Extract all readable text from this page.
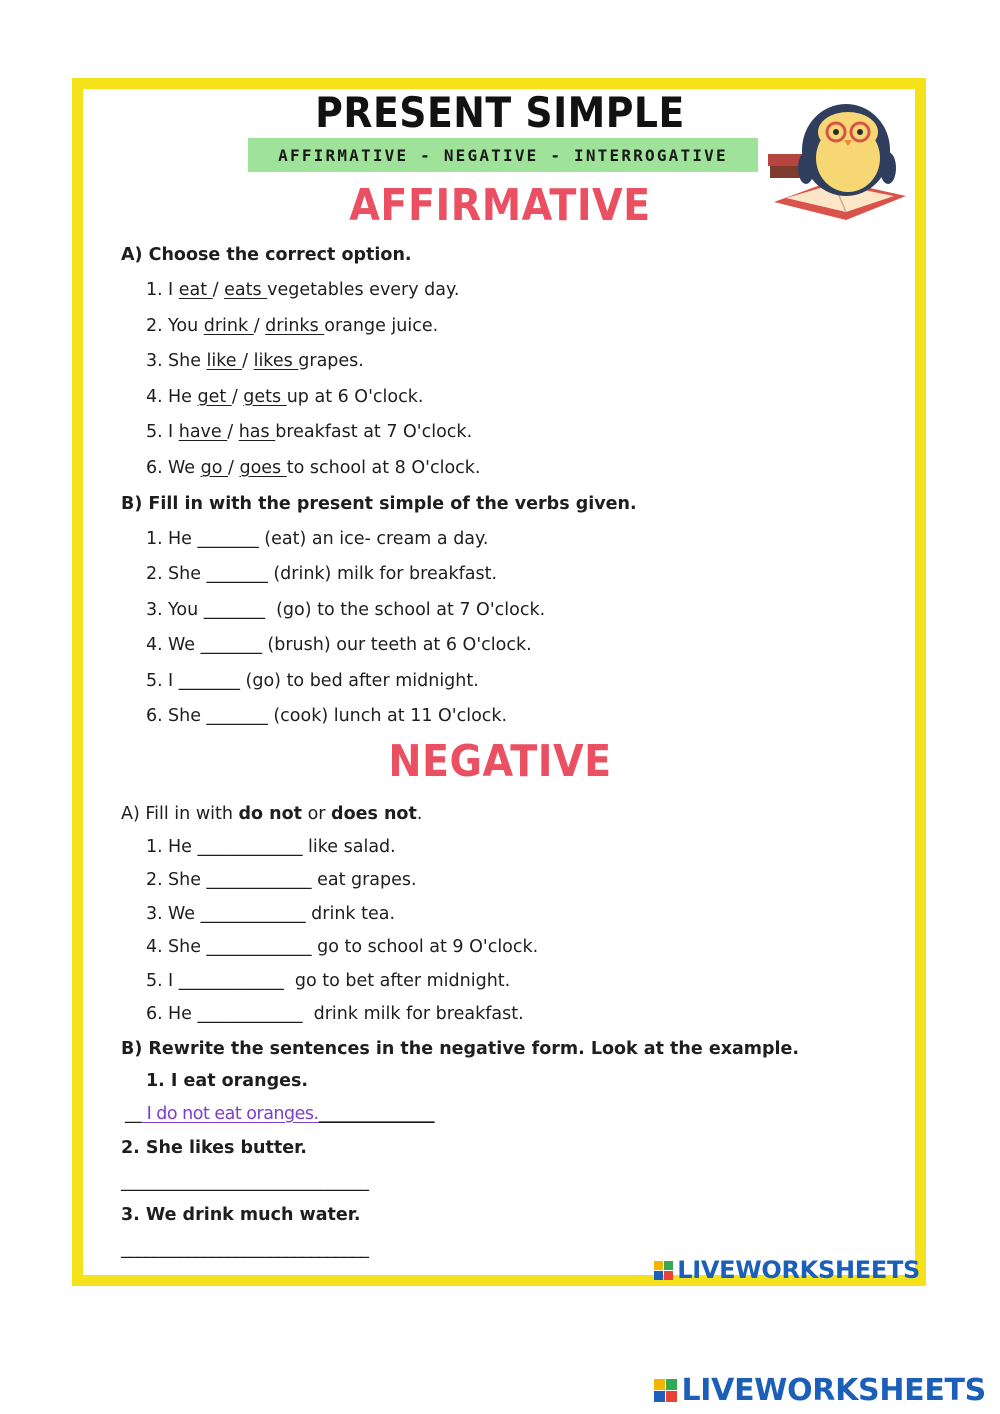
PRESENT SIMPLE
AFFIRMATIVE - NEGATIVE - INTERROGATIVE
AFFIRMATIVE
A) Choose the correct option.
1. I eat / eats vegetables every day.
2. You drink / drinks orange juice.
3. She like / likes grapes.
4. He get / gets up at 6 O'clock.
5. I have / has breakfast at 7 O'clock.
6. We go / goes to school at 8 O'clock.
B) Fill in with the present simple of the verbs given.
1. He _______ (eat) an ice- cream a day.
2. She _______ (drink) milk for breakfast.
3. You _______  (go) to the school at 7 O'clock.
4. We _______ (brush) our teeth at 6 O'clock.
5. I _______ (go) to bed after midnight.
6. She _______ (cook) lunch at 11 O'clock.
NEGATIVE
A) Fill in with do not or does not.
1. He ____________ like salad.
2. She ____________ eat grapes.
3. We ____________ drink tea.
4. She ____________ go to school at 9 O'clock.
5. I ____________  go to bet after midnight.
6. He ____________  drink milk for breakfast.
B) Rewrite the sentences in the negative form. Look at the example.
1. I eat oranges.
__ I do not eat oranges.______________
2. She likes butter.
______________________________
3. We drink much water.
______________________________
LIVEWORKSHEETS
LIVEWORKSHEETS
